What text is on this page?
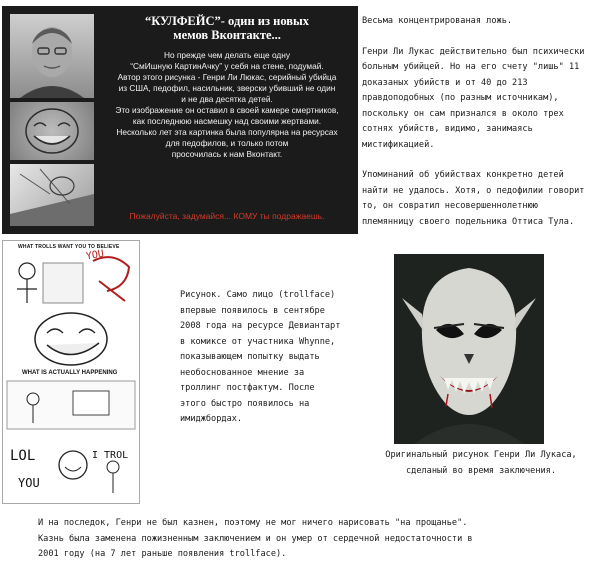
“КУЛФЕЙС”- один из новых
мемов Вконтакте...
Но прежде чем делать еще одну
“СмИшную КартинАчку” у себя на стене, подумай.
Автор этого рисунка - Генри Ли Люкас, серийный убийца
из США, педофил, насильник, зверски убивший не один
и не два десятка детей.
Это изображение он оставил в своей камере смертников,
как последнюю насмешку над своими жертвами.
Несколько лет эта картинка была популярна на ресурсах
для педофилов, и только потом
просочилась к нам Вконтакт.
Пожалуйста, задумайся... КОМУ ты подражаешь.

Весьма концентрированая ложь.

Генри Ли Лукас действительно был психически больным убийцей. Но на его счету "лишь" 11 доказаных убийств и от 40 до 213 правдоподобных (по разным источникам), поскольку он сам признался в около трех сотнях убийств, видимо, занимаясь мистификацией.

Упоминаний об убийствах конкретно детей найти не удалось. Хотя, о педофилии говорит то, он совратил несовершеннолетнюю племянницу своего подельника Оттиса Тула.

WHAT TROLLS WANT YOU TO BELIEVE
WHAT IS ACTUALLY HAPPENING
YOU
LOL	I TROL
YOU
Рисунок. Само лицо (trollface) впервые появилось в сентябре 2008 года на ресурсе Девиантарт в комиксе от участника Whynne, показывающем попытку выдать необоснованное мнение за троллинг постфактум. После этого быстро появилось на имиджбордах.
Оригинальный рисунок Генри Ли Лукаса, сделаный во время заключения.

И на последок, Генри не был казнен, поэтому не мог ничего нарисовать "на прощанье".

Казнь была заменена пожизненным заключением и он умер от сердечной недостаточности в

2001 году (на 7 лет раньше появления trollface).
